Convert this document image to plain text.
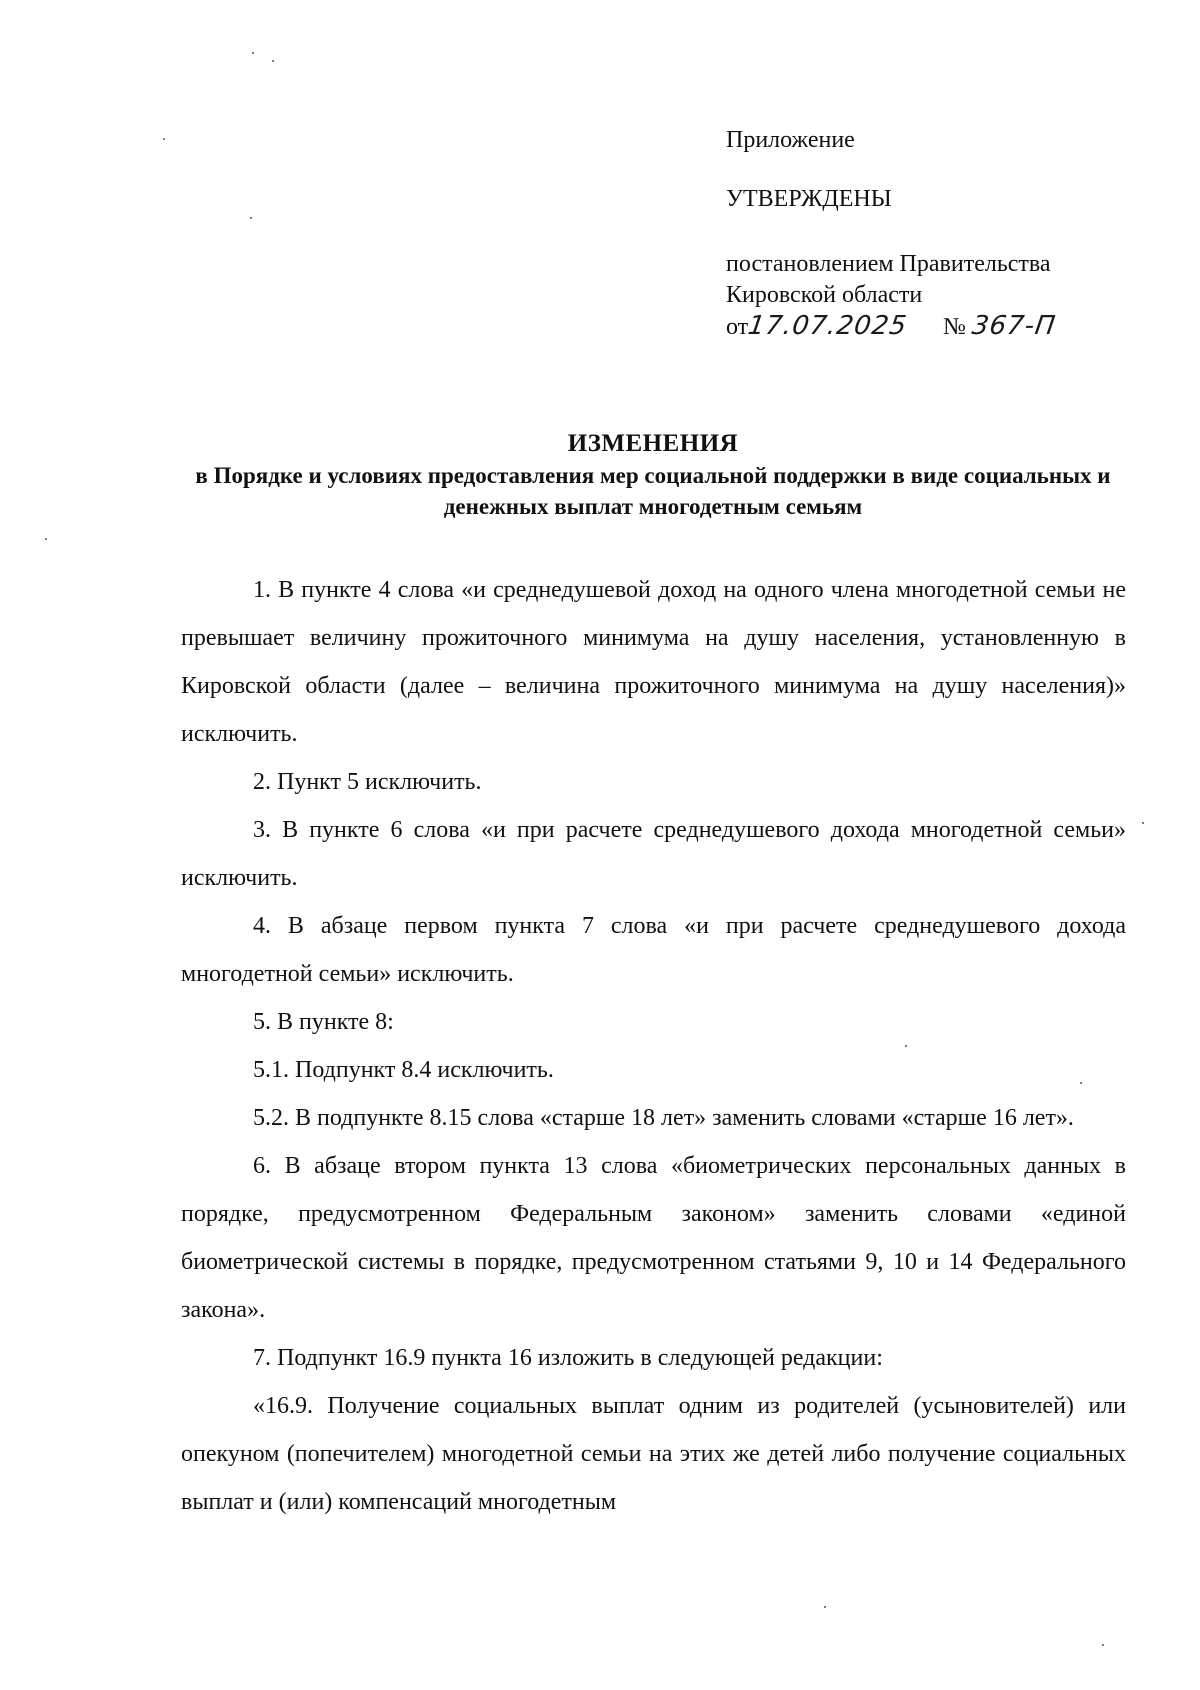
Приложение
УТВЕРЖДЕНЫ
постановлением Правительства
Кировской области
от17.07.2025 № 367-П
ИЗМЕНЕНИЯ
в Порядке и условиях предоставления мер социальной поддержки в виде социальных и денежных выплат многодетным семьям

1. В пункте 4 слова «и среднедушевой доход на одного члена многодетной семьи не превышает величину прожиточного минимума на душу населения, установленную в Кировской области (далее – величина прожиточного минимума на душу населения)» исключить.

2. Пункт 5 исключить.

3. В пункте 6 слова «и при расчете среднедушевого дохода многодетной семьи» исключить.

4. В абзаце первом пункта 7 слова «и при расчете среднедушевого дохода многодетной семьи» исключить.

5. В пункте 8:

5.1. Подпункт 8.4 исключить.

5.2. В подпункте 8.15 слова «старше 18 лет» заменить словами «старше 16 лет».

6. В абзаце втором пункта 13 слова «биометрических персональных данных в порядке, предусмотренном Федеральным законом» заменить словами «единой биометрической системы в порядке, предусмотренном статьями 9, 10 и 14 Федерального закона».

7. Подпункт 16.9 пункта 16 изложить в следующей редакции:

«16.9. Получение социальных выплат одним из родителей (усыновителей) или опекуном (попечителем) многодетной семьи на этих же детей либо получение социальных выплат и (или) компенсаций многодетным
